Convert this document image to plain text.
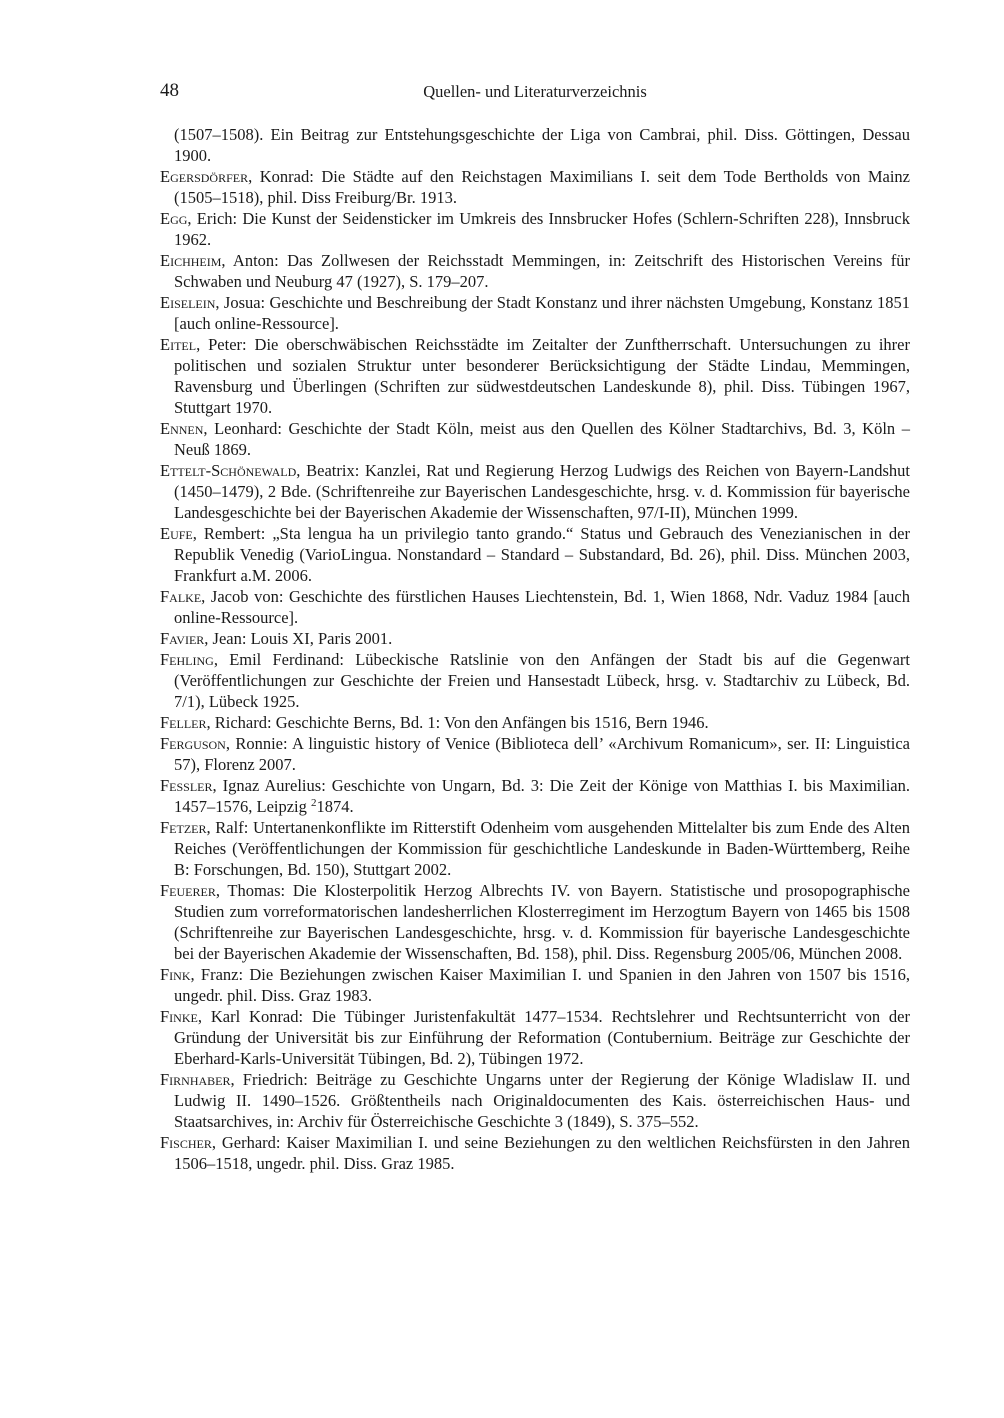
48	Quellen- und Literaturverzeichnis

(1507–1508). Ein Beitrag zur Entstehungsgeschichte der Liga von Cambrai, phil. Diss. Göttingen, Dessau 1900.

Egersdörfer, Konrad: Die Städte auf den Reichstagen Maximilians I. seit dem Tode Bertholds von Mainz (1505–1518), phil. Diss Freiburg/Br. 1913.

Egg, Erich: Die Kunst der Seidensticker im Umkreis des Innsbrucker Hofes (Schlern-Schriften 228), Innsbruck 1962.

Eichheim, Anton: Das Zollwesen der Reichsstadt Memmingen, in: Zeitschrift des Historischen Vereins für Schwaben und Neuburg 47 (1927), S. 179–207.

Eiselein, Josua: Geschichte und Beschreibung der Stadt Konstanz und ihrer nächsten Umgebung, Konstanz 1851 [auch online-Ressource].

Eitel, Peter: Die oberschwäbischen Reichsstädte im Zeitalter der Zunftherrschaft. Untersuchungen zu ihrer politischen und sozialen Struktur unter besonderer Berücksichtigung der Städte Lindau, Memmingen, Ravensburg und Überlingen (Schriften zur südwestdeutschen Landeskunde 8), phil. Diss. Tübingen 1967, Stuttgart 1970.

Ennen, Leonhard: Geschichte der Stadt Köln, meist aus den Quellen des Kölner Stadtarchivs, Bd. 3, Köln – Neuß 1869.

Ettelt-Schönewald, Beatrix: Kanzlei, Rat und Regierung Herzog Ludwigs des Reichen von Bayern-Landshut (1450–1479), 2 Bde. (Schriftenreihe zur Bayerischen Landesgeschichte, hrsg. v. d. Kommission für bayerische Landesgeschichte bei der Bayerischen Akademie der Wissenschaften, 97/I-II), München 1999.

Eufe, Rembert: „Sta lengua ha un privilegio tanto grando.“ Status und Gebrauch des Venezianischen in der Republik Venedig (VarioLingua. Nonstandard – Standard – Substandard, Bd. 26), phil. Diss. München 2003, Frankfurt a.M. 2006.

Falke, Jacob von: Geschichte des fürstlichen Hauses Liechtenstein, Bd. 1, Wien 1868, Ndr. Vaduz 1984 [auch online-Ressource].

Favier, Jean: Louis XI, Paris 2001.

Fehling, Emil Ferdinand: Lübeckische Ratslinie von den Anfängen der Stadt bis auf die Gegenwart (Veröffentlichungen zur Geschichte der Freien und Hansestadt Lübeck, hrsg. v. Stadtarchiv zu Lübeck, Bd. 7/1), Lübeck 1925.

Feller, Richard: Geschichte Berns, Bd. 1: Von den Anfängen bis 1516, Bern 1946.

Ferguson, Ronnie: A linguistic history of Venice (Biblioteca dell’ «Archivum Romanicum», ser. II: Linguistica 57), Florenz 2007.

Fessler, Ignaz Aurelius: Geschichte von Ungarn, Bd. 3: Die Zeit der Könige von Matthias I. bis Maximilian. 1457–1576, Leipzig $^2$1874.

Fetzer, Ralf: Untertanenkonflikte im Ritterstift Odenheim vom ausgehenden Mittelalter bis zum Ende des Alten Reiches (Veröffentlichungen der Kommission für geschichtliche Landeskunde in Baden-Württemberg, Reihe B: Forschungen, Bd. 150), Stuttgart 2002.

Feuerer, Thomas: Die Klosterpolitik Herzog Albrechts IV. von Bayern. Statistische und prosopographische Studien zum vorreformatorischen landesherrlichen Klosterregiment im Herzogtum Bayern von 1465 bis 1508 (Schriftenreihe zur Bayerischen Landesgeschichte, hrsg. v. d. Kommission für bayerische Landesgeschichte bei der Bayerischen Akademie der Wissenschaften, Bd. 158), phil. Diss. Regensburg 2005/06, München 2008.

Fink, Franz: Die Beziehungen zwischen Kaiser Maximilian I. und Spanien in den Jahren von 1507 bis 1516, ungedr. phil. Diss. Graz 1983.

Finke, Karl Konrad: Die Tübinger Juristenfakultät 1477–1534. Rechtslehrer und Rechtsunterricht von der Gründung der Universität bis zur Einführung der Reformation (Contubernium. Beiträge zur Geschichte der Eberhard-Karls-Universität Tübingen, Bd. 2), Tübingen 1972.

Firnhaber, Friedrich: Beiträge zu Geschichte Ungarns unter der Regierung der Könige Wladislaw II. und Ludwig II. 1490–1526. Größtentheils nach Originaldocumenten des Kais. österreichischen Haus- und Staatsarchives, in: Archiv für Österreichische Geschichte 3 (1849), S. 375–552.

Fischer, Gerhard: Kaiser Maximilian I. und seine Beziehungen zu den weltlichen Reichsfürsten in den Jahren 1506–1518, ungedr. phil. Diss. Graz 1985.
